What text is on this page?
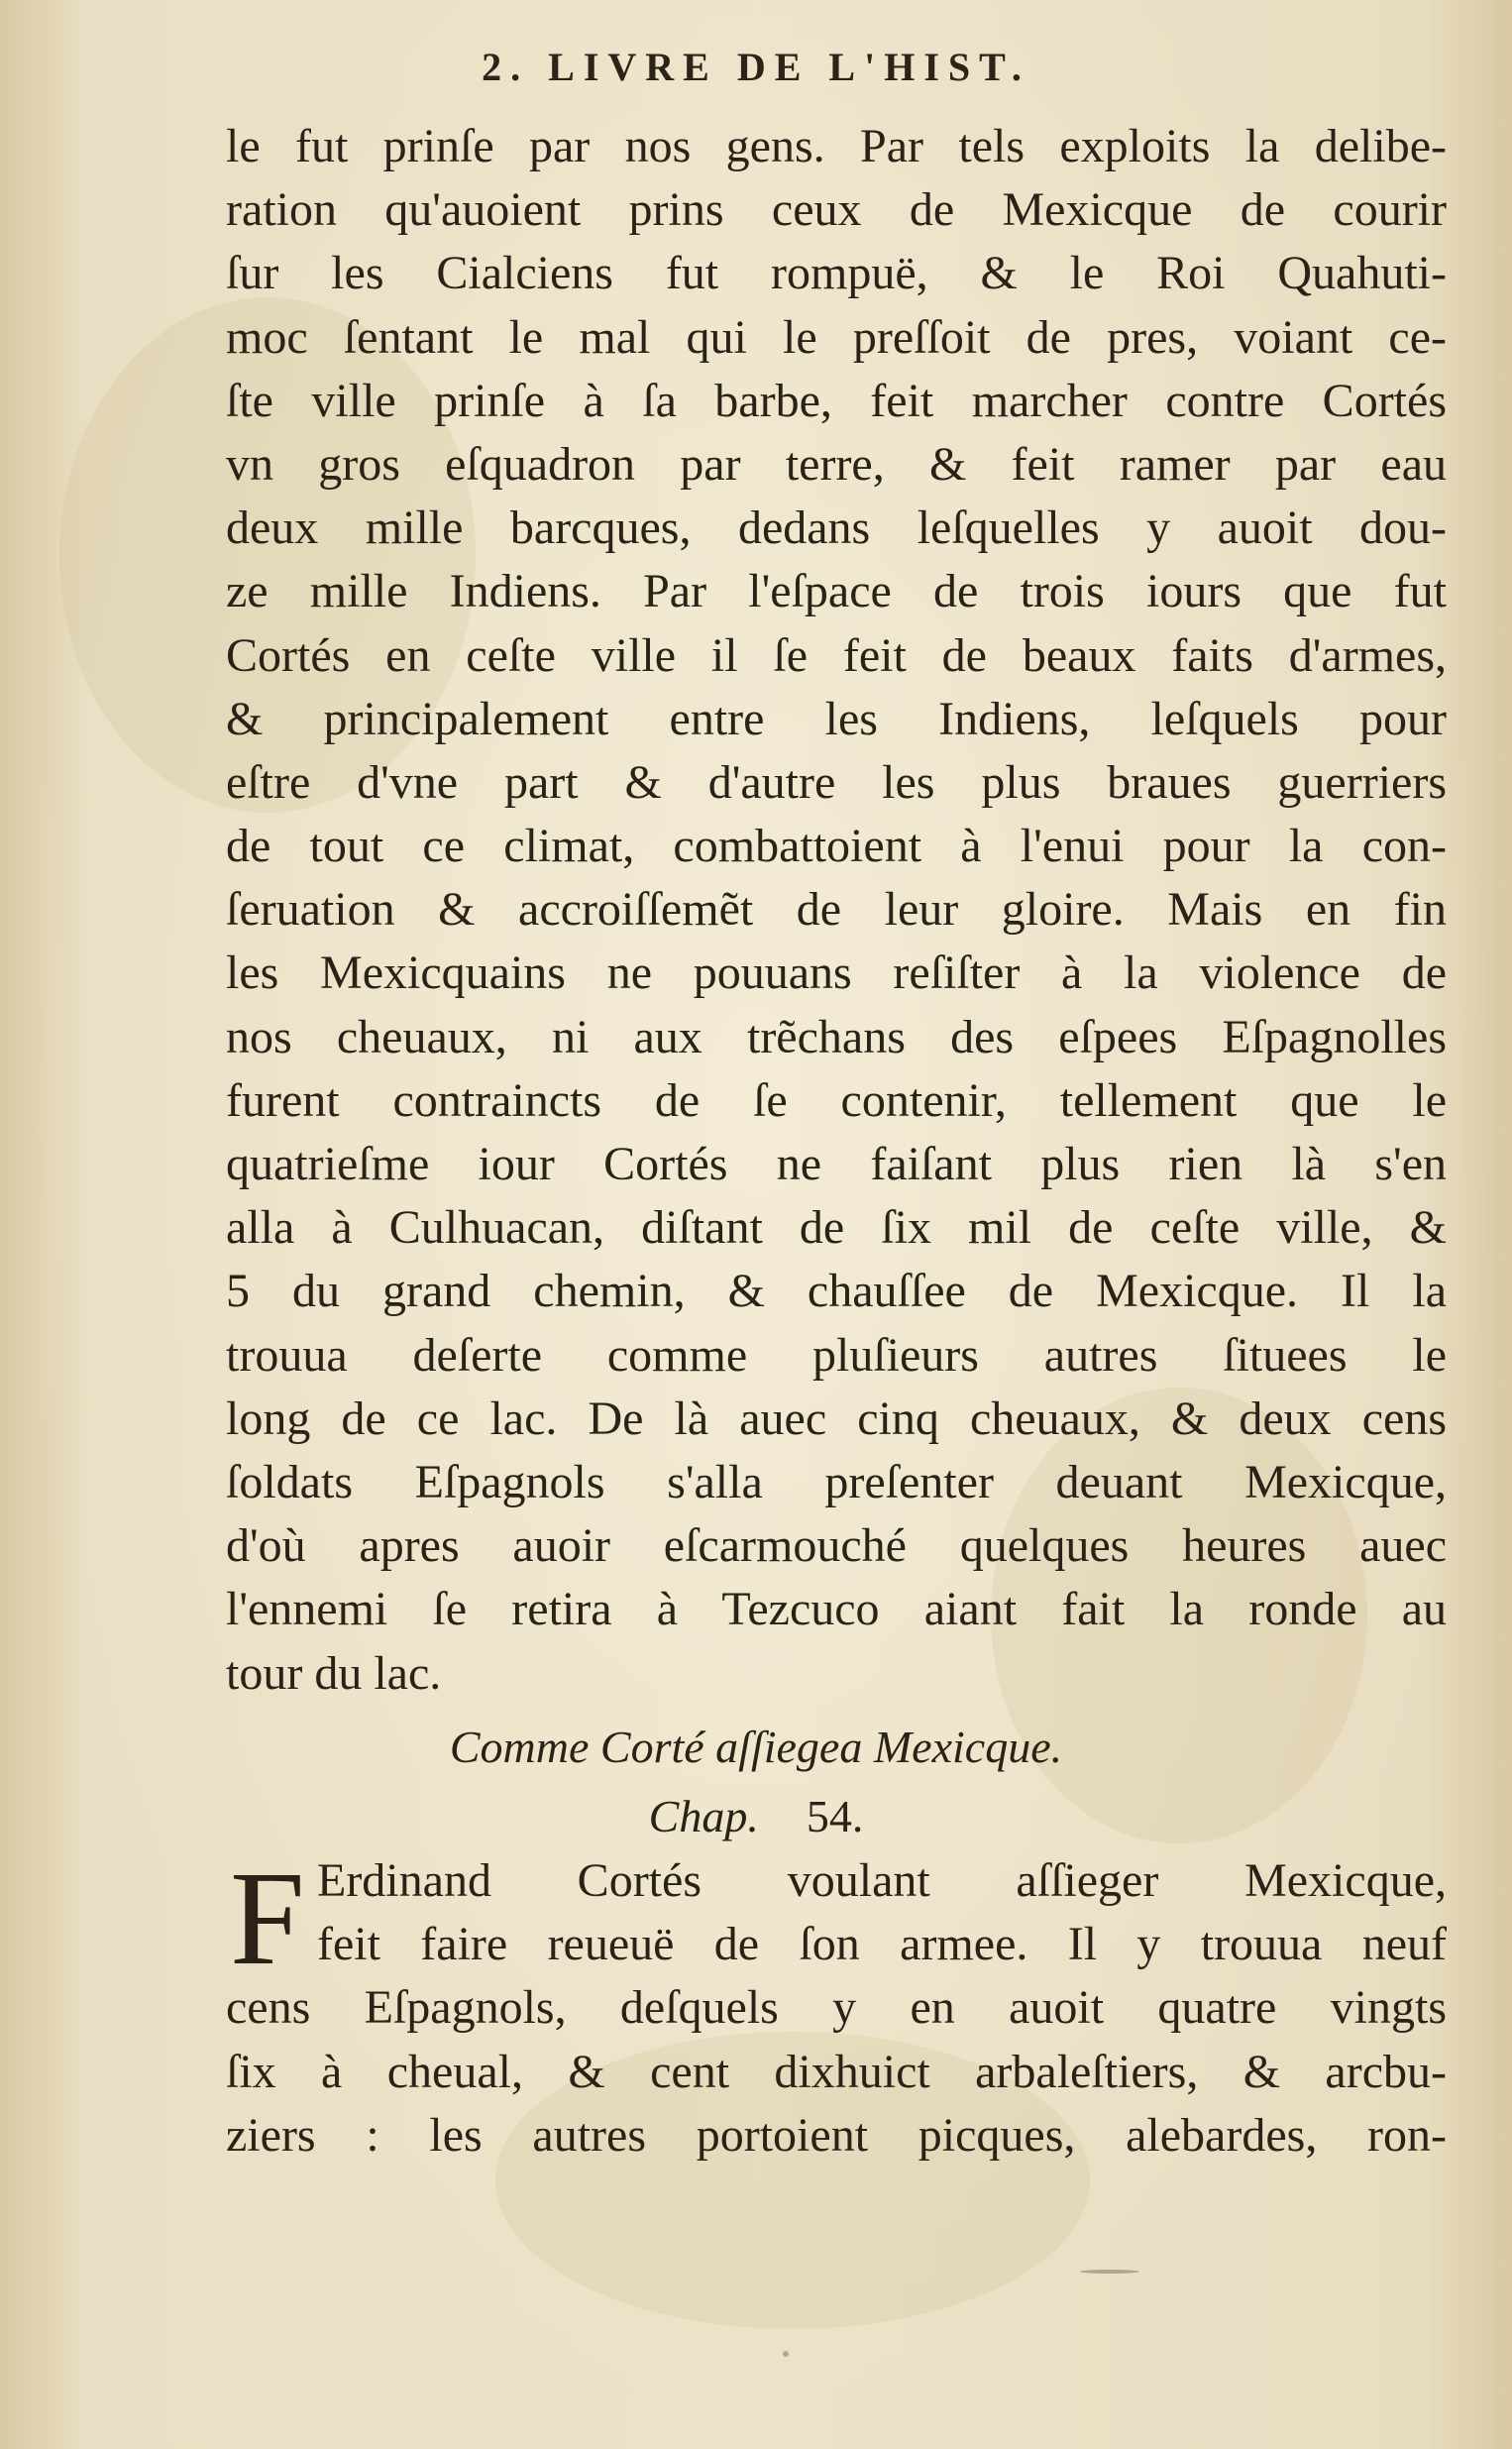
2. LIVRE DE L'HIST.
le fut prinſe par nos gens. Par tels exploits la delibe-
ration qu'auoient prins ceux de Mexicque de courir
ſur les Cialciens fut rompuë, & le Roi Quahuti-
moc ſentant le mal qui le preſſoit de pres, voiant ce-
ſte ville prinſe à ſa barbe, feit marcher contre Cortés
vn gros eſquadron par terre, & feit ramer par eau
deux mille barcques, dedans leſquelles y auoit dou-
ze mille Indiens. Par l'eſpace de trois iours que fut
Cortés en ceſte ville il ſe feit de beaux faits d'armes,
& principalement entre les Indiens, leſquels pour
eſtre d'vne part & d'autre les plus braues guerriers
de tout ce climat, combattoient à l'enui pour la con-
ſeruation & accroiſſemẽt de leur gloire. Mais en fin
les Mexicquains ne pouuans reſiſter à la violence de
nos cheuaux, ni aux trẽchans des eſpees Eſpagnolles
furent contraincts de ſe contenir, tellement que le
quatrieſme iour Cortés ne faiſant plus rien là s'en
alla à Culhuacan, diſtant de ſix mil de ceſte ville, &
5 du grand chemin, & chauſſee de Mexicque. Il la
trouua deſerte comme pluſieurs autres ſituees le
long de ce lac. De là auec cinq cheuaux, & deux cens
ſoldats Eſpagnols s'alla preſenter deuant Mexicque,
d'où apres auoir eſcarmouché quelques heures auec
l'ennemi ſe retira à Tezcuco aiant fait la ronde au
tour du lac.
Comme Corté aſſiegea Mexicque.
Chap. 54.
F Erdinand Cortés voulant aſſieger Mexicque,
feit faire reueuë de ſon armee. Il y trouua neuf
cens Eſpagnols, deſquels y en auoit quatre vingts
ſix à cheual, & cent dixhuict arbaleſtiers, & arcbu-
ziers : les autres portoient picques, alebardes, ron-
